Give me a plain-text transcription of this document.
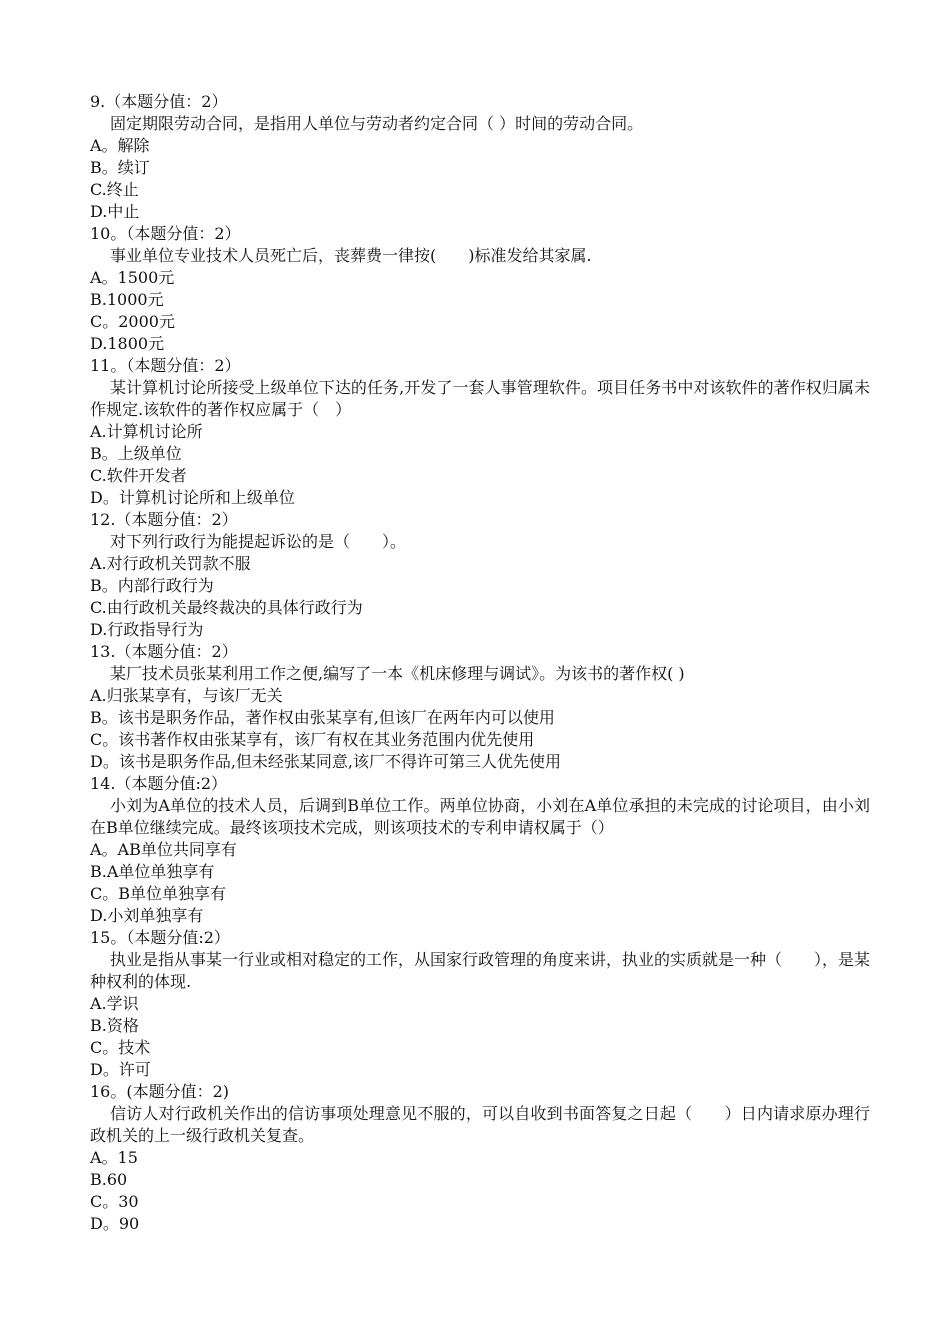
9.（本题分值：2）
固定期限劳动合同，是指用人单位与劳动者约定合同（ ）时间的劳动合同。
A。解除
B。续订
C.终止
D.中止
10。（本题分值：2）
事业单位专业技术人员死亡后，丧葬费一律按(　　)标准发给其家属.
A。1500元
B.1000元
C。2000元
D.1800元
11。（本题分值：2）
某计算机讨论所接受上级单位下达的任务,开发了一套人事管理软件。项目任务书中对该软件的著作权归属未作规定.该软件的著作权应属于（　）
A.计算机讨论所
B。上级单位
C.软件开发者
D。计算机讨论所和上级单位
12.（本题分值：2）
对下列行政行为能提起诉讼的是（　　）。
A.对行政机关罚款不服
B。内部行政行为
C.由行政机关最终裁决的具体行政行为
D.行政指导行为
13.（本题分值：2）
某厂技术员张某利用工作之便,编写了一本《机床修理与调试》。为该书的著作权( )
A.归张某享有，与该厂无关
B。该书是职务作品，著作权由张某享有,但该厂在两年内可以使用
C。该书著作权由张某享有，该厂有权在其业务范围内优先使用
D。该书是职务作品,但未经张某同意,该厂不得许可第三人优先使用
14.（本题分值:2）
小刘为A单位的技术人员，后调到B单位工作。两单位协商，小刘在A单位承担的未完成的讨论项目，由小刘在B单位继续完成。最终该项技术完成，则该项技术的专利申请权属于（）
A。AB单位共同享有
B.A单位单独享有
C。B单位单独享有
D.小刘单独享有
15。（本题分值:2）
执业是指从事某一行业或相对稳定的工作，从国家行政管理的角度来讲，执业的实质就是一种（　　），是某种权利的体现.
A.学识
B.资格
C。技术
D。许可
16。(本题分值：2)
信访人对行政机关作出的信访事项处理意见不服的，可以自收到书面答复之日起（　　）日内请求原办理行政机关的上一级行政机关复查。
A。15
B.60
C。30
D。90
